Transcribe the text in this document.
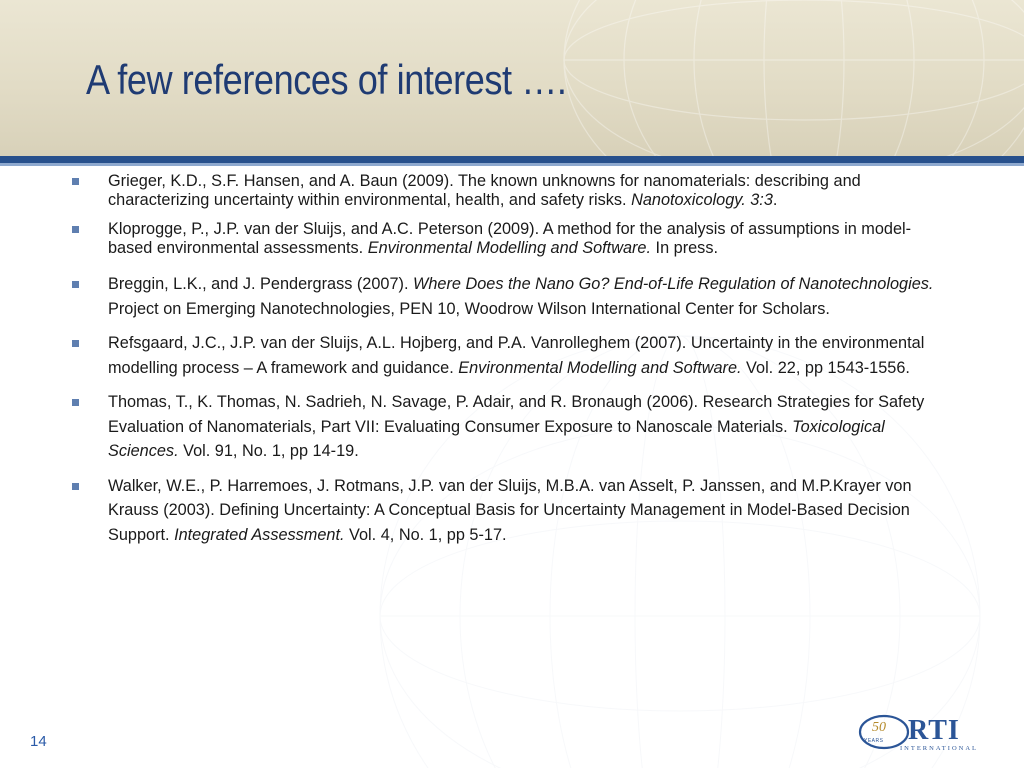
A few references of interest ….
Grieger, K.D., S.F. Hansen, and A. Baun (2009). The known unknowns for nanomaterials: describing and characterizing uncertainty within environmental, health, and safety risks. Nanotoxicology. 3:3.
Kloprogge, P., J.P. van der Sluijs, and A.C. Peterson (2009). A method for the analysis of assumptions in model-based environmental assessments. Environmental Modelling and Software. In press.
Breggin, L.K., and J. Pendergrass (2007). Where Does the Nano Go? End-of-Life Regulation of Nanotechnologies. Project on Emerging Nanotechnologies, PEN 10, Woodrow Wilson International Center for Scholars.
Refsgaard, J.C., J.P. van der Sluijs, A.L. Hojberg, and P.A. Vanrolleghem (2007). Uncertainty in the environmental modelling process – A framework and guidance. Environmental Modelling and Software. Vol. 22, pp 1543-1556.
Thomas, T., K. Thomas, N. Sadrieh, N. Savage, P. Adair, and R. Bronaugh (2006). Research Strategies for Safety Evaluation of Nanomaterials, Part VII: Evaluating Consumer Exposure to Nanoscale Materials. Toxicological Sciences. Vol. 91, No. 1, pp 14-19.
Walker, W.E., P. Harremoes, J. Rotmans, J.P. van der Sluijs, M.B.A. van Asselt, P. Janssen, and M.P.Krayer von Krauss (2003). Defining Uncertainty: A Conceptual Basis for Uncertainty Management in Model-Based Decision Support. Integrated Assessment. Vol. 4, No. 1, pp 5-17.
14
50
YEARS RTI
INTERNATIONAL
